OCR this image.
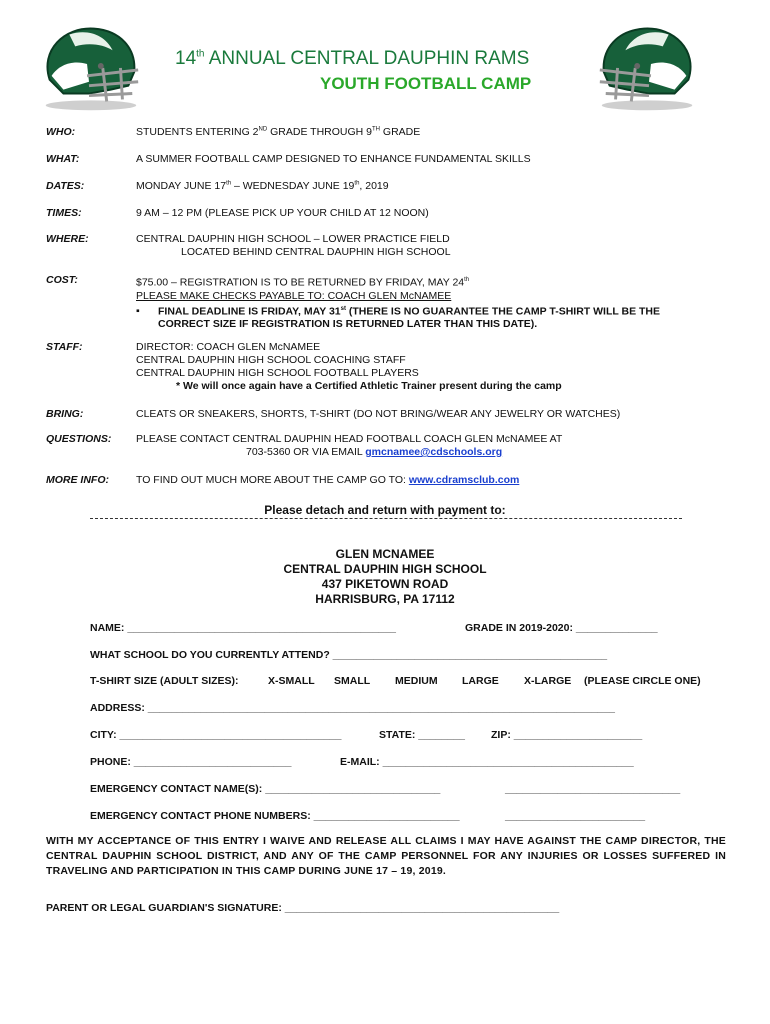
14th ANNUAL CENTRAL DAUPHIN RAMS
YOUTH FOOTBALL CAMP
WHO:	STUDENTS ENTERING 2ND GRADE THROUGH 9TH GRADE
WHAT:	A SUMMER FOOTBALL CAMP DESIGNED TO ENHANCE FUNDAMENTAL SKILLS
DATES:	MONDAY JUNE 17th – WEDNESDAY JUNE 19th, 2019
TIMES:	9 AM – 12 PM (PLEASE PICK UP YOUR CHILD AT 12 NOON)
WHERE:	CENTRAL DAUPHIN HIGH SCHOOL – LOWER PRACTICE FIELD
LOCATED BEHIND CENTRAL DAUPHIN HIGH SCHOOL
COST:	$75.00 – REGISTRATION IS TO BE RETURNED BY FRIDAY, MAY 24th
PLEASE MAKE CHECKS PAYABLE TO: COACH GLEN McNAMEE
▪ FINAL DEADLINE IS FRIDAY, MAY 31st (THERE IS NO GUARANTEE THE CAMP T-SHIRT WILL BE THE
CORRECT SIZE IF REGISTRATION IS RETURNED LATER THAN THIS DATE).
STAFF:	DIRECTOR: COACH GLEN McNAMEE
CENTRAL DAUPHIN HIGH SCHOOL COACHING STAFF
CENTRAL DAUPHIN HIGH SCHOOL FOOTBALL PLAYERS
* We will once again have a Certified Athletic Trainer present during the camp
BRING:	CLEATS OR SNEAKERS, SHORTS, T-SHIRT (DO NOT BRING/WEAR ANY JEWELRY OR WATCHES)
QUESTIONS: PLEASE CONTACT CENTRAL DAUPHIN HEAD FOOTBALL COACH GLEN McNAMEE AT
703-5360 OR VIA EMAIL gmcnamee@cdschools.org
MORE INFO:	TO FIND OUT MUCH MORE ABOUT THE CAMP GO TO: www.cdramsclub.com
Please detach and return with payment to:
GLEN MCNAMEE
CENTRAL DAUPHIN HIGH SCHOOL
437 PIKETOWN ROAD
HARRISBURG, PA 17112
NAME: ______________________________________________	GRADE IN 2019-2020: ______________
WHAT SCHOOL DO YOU CURRENTLY ATTEND? _______________________________________________
T-SHIRT SIZE (ADULT SIZES):	X-SMALL SMALL MEDIUM LARGE X-LARGE (PLEASE CIRCLE ONE)
ADDRESS: ________________________________________________________________________________
CITY: ______________________________________	STATE: ________ ZIP: ______________________
PHONE: ___________________________	E-MAIL: ___________________________________________
EMERGENCY CONTACT NAME(S): ______________________________	______________________________
EMERGENCY CONTACT PHONE NUMBERS: _________________________	________________________
WITH MY ACCEPTANCE OF THIS ENTRY I WAIVE AND RELEASE ALL CLAIMS I MAY HAVE AGAINST THE CAMP DIRECTOR, THE CENTRAL DAUPHIN SCHOOL DISTRICT, AND ANY OF THE CAMP PERSONNEL FOR ANY INJURIES OR LOSSES SUFFERED IN TRAVELING AND PARTICIPATION IN THIS CAMP DURING JUNE 17 – 19, 2019.
PARENT OR LEGAL GUARDIAN'S SIGNATURE: _______________________________________________
